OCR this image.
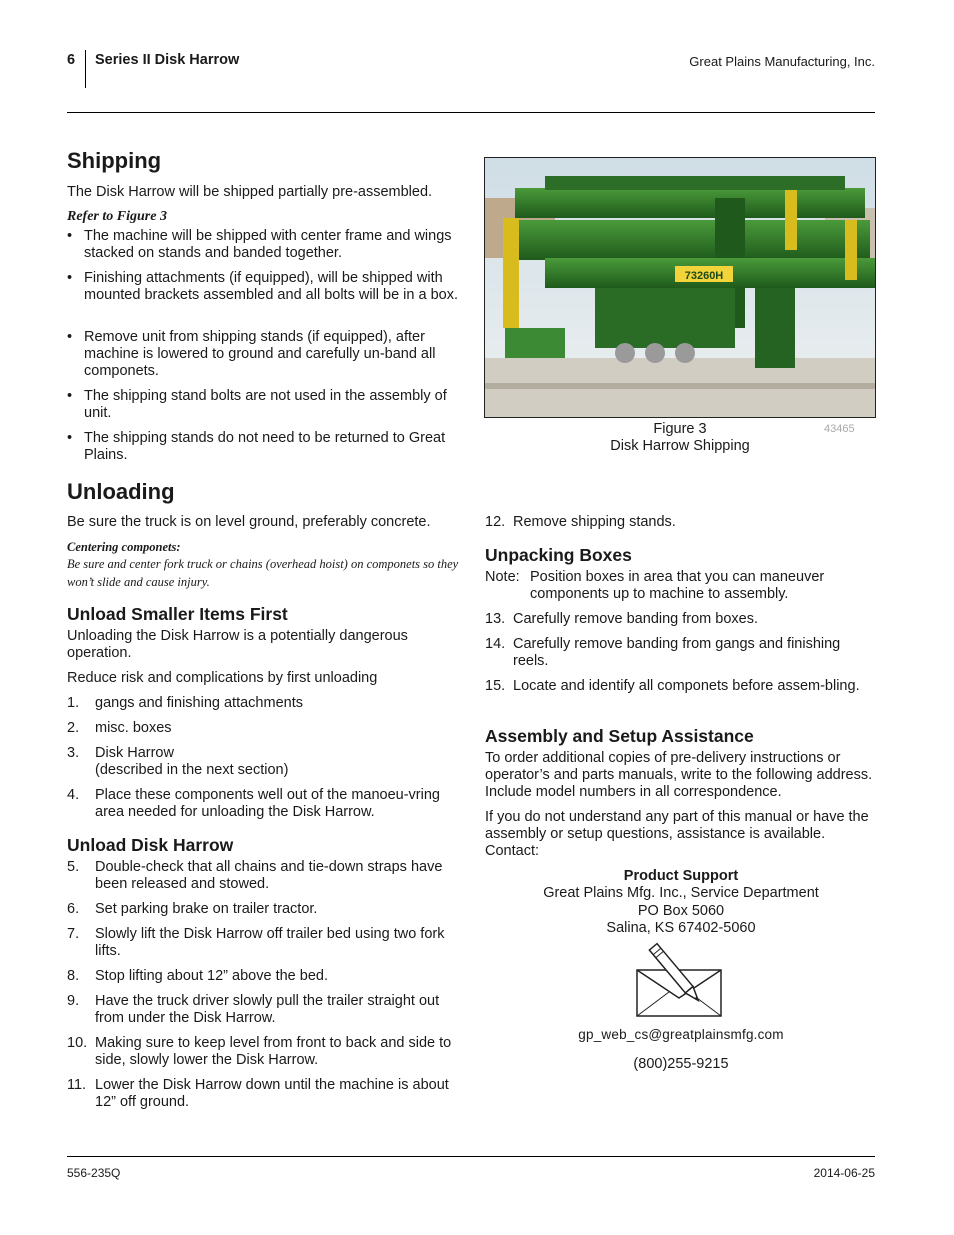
6 Series II Disk Harrow	Great Plains Manufacturing, Inc.
Shipping

The Disk Harrow will be shipped partially pre-assembled.

Refer to Figure 3

• The machine will be shipped with center frame and wings stacked on stands and banded together.
• Finishing attachments (if equipped), will be shipped with mounted brackets assembled and all bolts will be in a box.
• Remove unit from shipping stands (if equipped), after machine is lowered to ground and carefully un-band all componets.
• The shipping stand bolts are not used in the assembly of unit.
• The shipping stands do not need to be returned to Great Plains.
73260H

Figure 3

Disk Harrow Shipping

43465

Unloading

Be sure the truck is on level ground, preferably concrete.

Centering componets:

Be sure and center fork truck or chains (overhead hoist) on componets so they won’t slide and cause injury.

Unload Smaller Items First

Unloading the Disk Harrow is a potentially dangerous operation.

Reduce risk and complications by first unloading

1.	gangs and finishing attachments
2.	misc. boxes
3.	Disk Harrow
(described in the next section)
4.	Place these components well out of the manoeu-vring area needed for unloading the Disk Harrow.
Unload Disk Harrow
5.	Double-check that all chains and tie-down straps have been released and stowed.
6.	Set parking brake on trailer tractor.
7.	Slowly lift the Disk Harrow off trailer bed using two fork lifts.
8.	Stop lifting about 12” above the bed.
9.	Have the truck driver slowly pull the trailer straight out from under the Disk Harrow.
10. Making sure to keep level from front to back and side to side, slowly lower the Disk Harrow.
11. Lower the Disk Harrow down until the machine is about 12” off ground.
12. Remove shipping stands.
Unpacking Boxes
Note: Position boxes in area that you can maneuver components up to machine to assembly.
13. Carefully remove banding from boxes.
14. Carefully remove banding from gangs and finishing reels.
15. Locate and identify all componets before assem-bling.
Assembly and Setup Assistance

To order additional copies of pre-delivery instructions or operator’s and parts manuals, write to the following address. Include model numbers in all correspondence.

If you do not understand any part of this manual or have the assembly or setup questions, assistance is available. Contact:

Product Support
Great Plains Mfg. Inc., Service Department
PO Box 5060
Salina, KS 67402-5060
gp_web_cs@greatplainsmfg.com
(800)255-9215
556-235Q	2014-06-25
